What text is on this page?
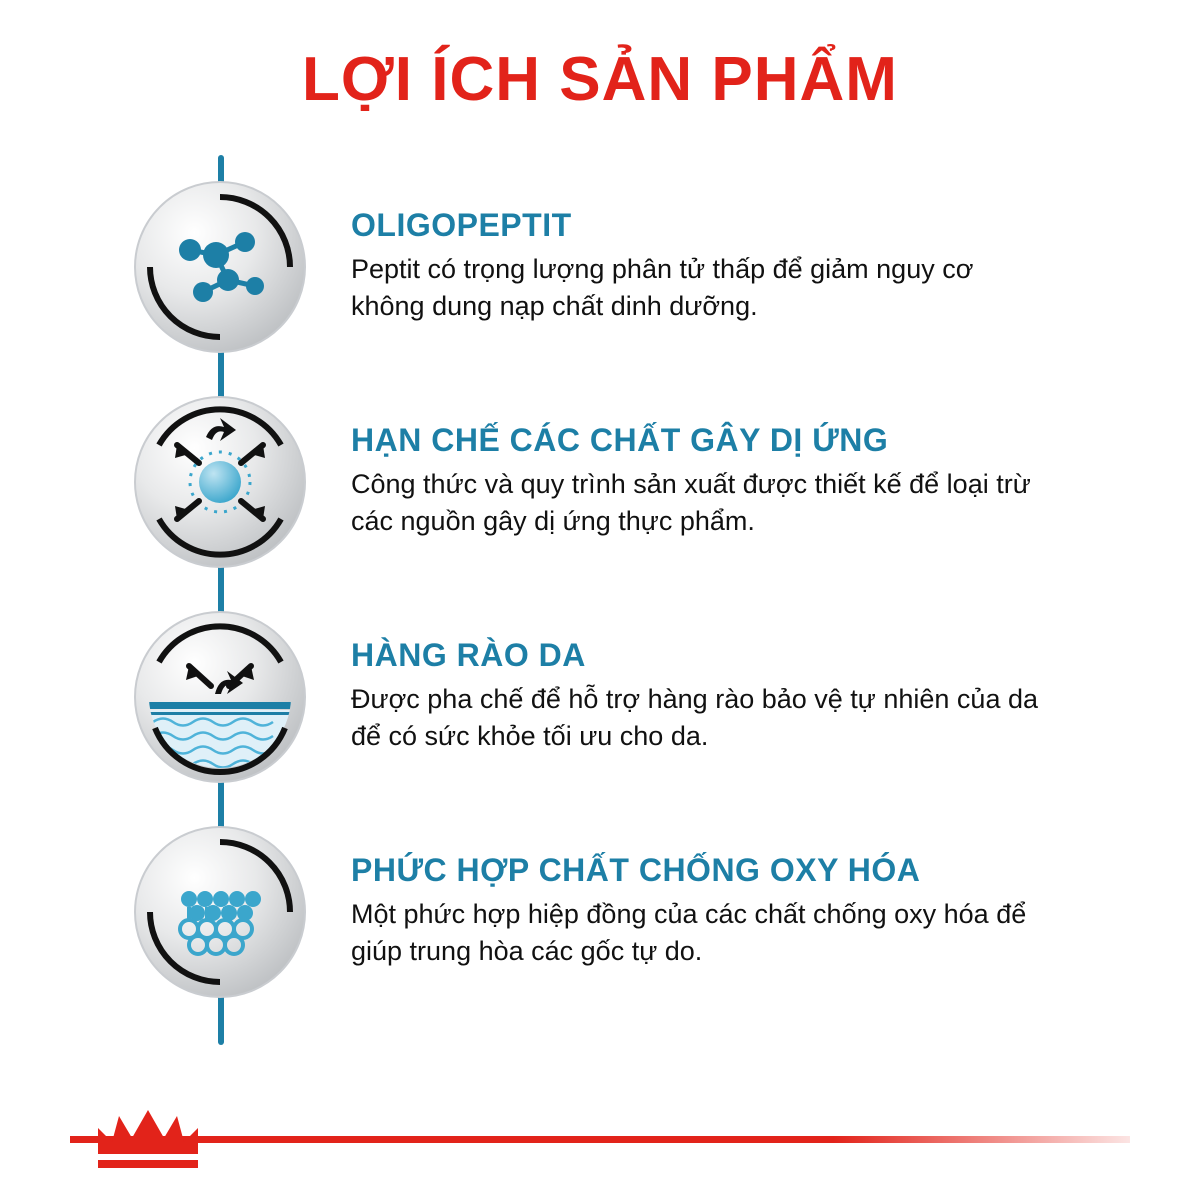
LỢI ÍCH SẢN PHẨM
OLIGOPEPTIT
Peptit có trọng lượng phân tử thấp để giảm nguy cơ không dung nạp chất dinh dưỡng.
HẠN CHẾ CÁC CHẤT GÂY DỊ ỨNG
Công thức và quy trình sản xuất được thiết kế để loại trừ các nguồn gây dị ứng thực phẩm.
HÀNG RÀO DA
Được pha chế để hỗ trợ hàng rào bảo vệ tự nhiên của da để có sức khỏe tối ưu cho da.
PHỨC HỢP CHẤT CHỐNG OXY HÓA
Một phức hợp hiệp đồng của các chất chống oxy hóa để giúp trung hòa các gốc tự do.
